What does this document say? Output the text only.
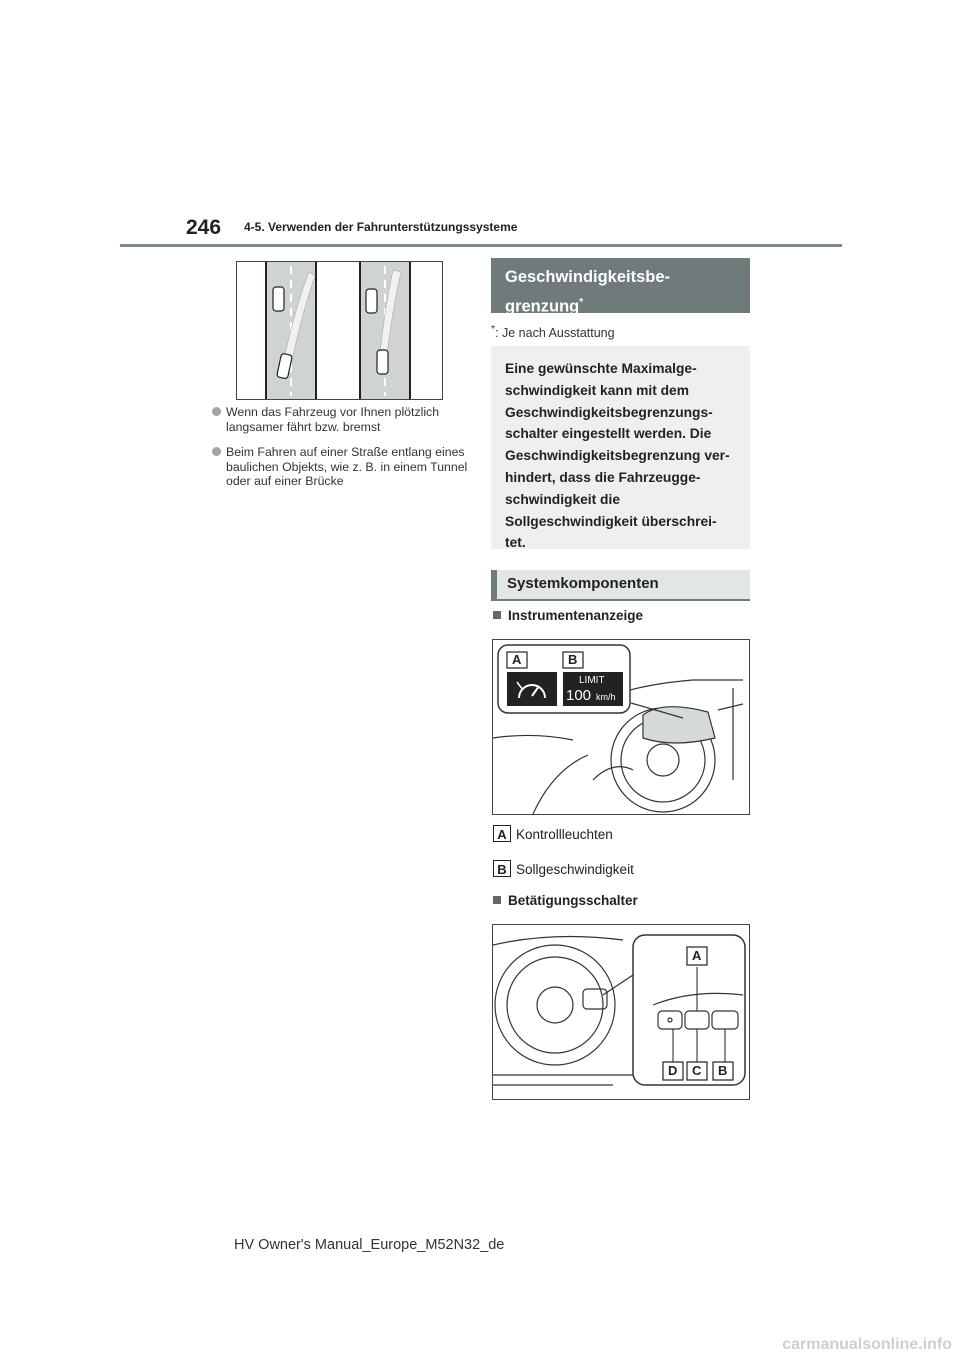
246 4-5. Verwenden der Fahrunterstützungssysteme
Wenn das Fahrzeug vor Ihnen plötzlich langsamer fährt bzw. bremst
Beim Fahren auf einer Straße entlang eines baulichen Objekts, wie z. B. in einem Tunnel oder auf einer Brücke
Geschwindigkeitsbe-
grenzung*
*: Je nach Ausstattung
Eine gewünschte Maximalge-
schwindigkeit kann mit dem
Geschwindigkeitsbegrenzungs-
schalter eingestellt werden. Die
Geschwindigkeitsbegrenzung ver-
hindert, dass die Fahrzeugge-
schwindigkeit die
Sollgeschwindigkeit überschrei-
tet.
Systemkomponenten
Instrumentenanzeige
A	B
LIMIT
100 km/h
A Kontrollleuchten
B Sollgeschwindigkeit
Betätigungsschalter
A
D C B
HV Owner's Manual_Europe_M52N32_de
carmanualsonline.info
